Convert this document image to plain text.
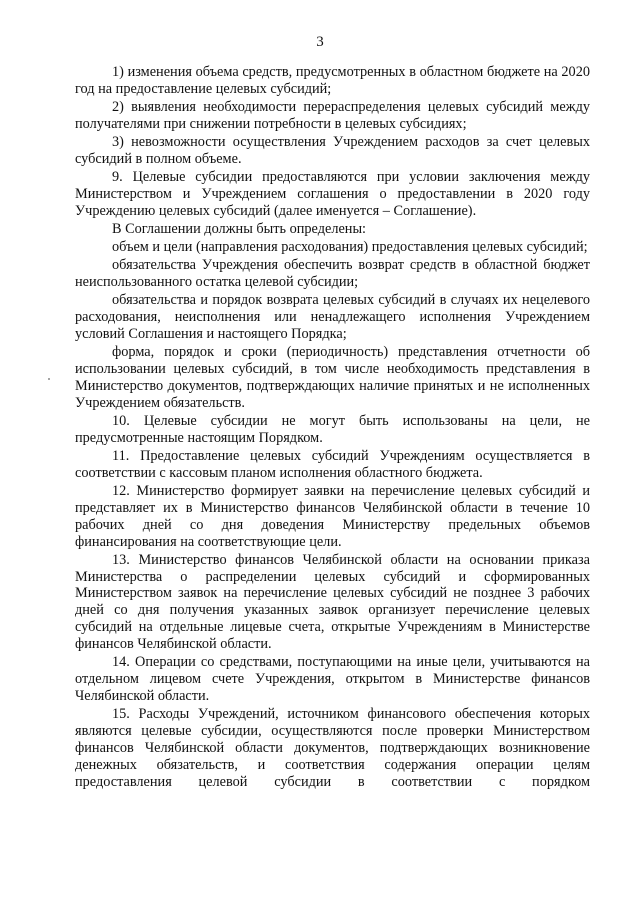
3

1) изменения объема средств, предусмотренных в областном бюджете на 2020 год на предоставление целевых субсидий;

2) выявления необходимости перераспределения целевых субсидий между получателями при снижении потребности в целевых субсидиях;

3) невозможности осуществления Учреждением расходов за счет целевых субсидий в полном объеме.

9. Целевые субсидии предоставляются при условии заключения между Министерством и Учреждением соглашения о предоставлении в 2020 году Учреждению целевых субсидий (далее именуется – Соглашение).

В Соглашении должны быть определены:

объем и цели (направления расходования) предоставления целевых субсидий;

обязательства Учреждения обеспечить возврат средств в областной бюджет неиспользованного остатка целевой субсидии;

обязательства и порядок возврата целевых субсидий в случаях их нецелевого расходования, неисполнения или ненадлежащего исполнения Учреждением условий Соглашения и настоящего Порядка;

форма, порядок и сроки (периодичность) представления отчетности об использовании целевых субсидий, в том числе необходимость представления в Министерство документов, подтверждающих наличие принятых и не исполненных Учреждением обязательств.

10. Целевые субсидии не могут быть использованы на цели, не предусмотренные настоящим Порядком.

11. Предоставление целевых субсидий Учреждениям осуществляется в соответствии с кассовым планом исполнения областного бюджета.

12. Министерство формирует заявки на перечисление целевых субсидий и представляет их в Министерство финансов Челябинской области в течение 10 рабочих дней со дня доведения Министерству предельных объемов финансирования на соответствующие цели.

13. Министерство финансов Челябинской области на основании приказа Министерства о распределении целевых субсидий и сформированных Министерством заявок на перечисление целевых субсидий не позднее 3 рабочих дней со дня получения указанных заявок организует перечисление целевых субсидий на отдельные лицевые счета, открытые Учреждениям в Министерстве финансов Челябинской области.

14. Операции со средствами, поступающими на иные цели, учитываются на отдельном лицевом счете Учреждения, открытом в Министерстве финансов Челябинской области.

15. Расходы Учреждений, источником финансового обеспечения которых являются целевые субсидии, осуществляются после проверки Министерством финансов Челябинской области документов, подтверждающих возникновение денежных обязательств, и соответствия содержания операции целям предоставления целевой субсидии в соответствии с порядком
